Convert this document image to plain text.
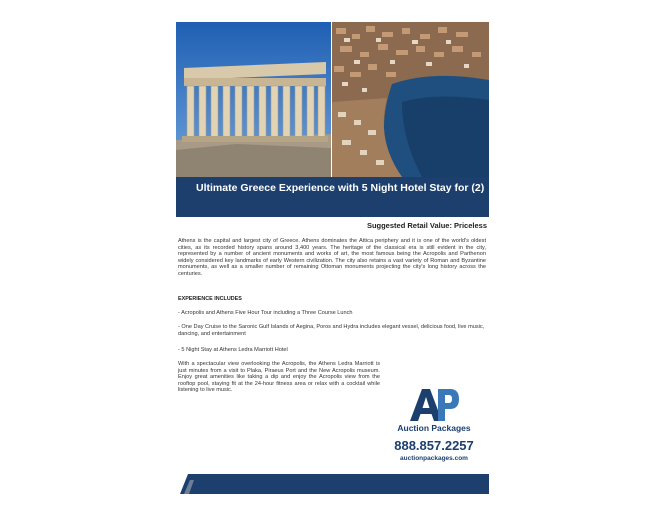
Ultimate Greece Experience with 5 Night Hotel Stay for (2)
Suggested Retail Value: Priceless
Athens is the capital and largest city of Greece. Athens dominates the Attica periphery and it is one of the world's oldest cities, as its recorded history spans around 3,400 years. The heritage of the classical era is still evident in the city, represented by a number of ancient monuments and works of art, the most famous being the Acropolis and Parthenon widely considered key landmarks of early Western civilization. The city also retains a vast variety of Roman and Byzantine monuments, as well as a smaller number of remaining Ottoman monuments projecting the city's long history across the centuries.
EXPERIENCE INCLUDES
- Acropolis and Athens Five Hour Tour including a Three Course Lunch
- One Day Cruise to the Saronic Gulf Islands of Aegina, Poros and Hydra includes elegant vessel, delicious food, live music, dancing, and entertainment
- 5 Night Stay at Athens Ledra Marriott Hotel
With a spectacular view overlooking the Acropolis, the Athens Ledra Marriott is just minutes from a visit to Plaka, Piraeus Port and the New Acropolis museum. Enjoy great amenities like taking a dip and enjoy the Acropolis view from the rooftop pool, staying fit at the 24-hour fitness area or relax with a cocktail while listening to live music.
Auction Packages
888.857.2257
auctionpackages.com
